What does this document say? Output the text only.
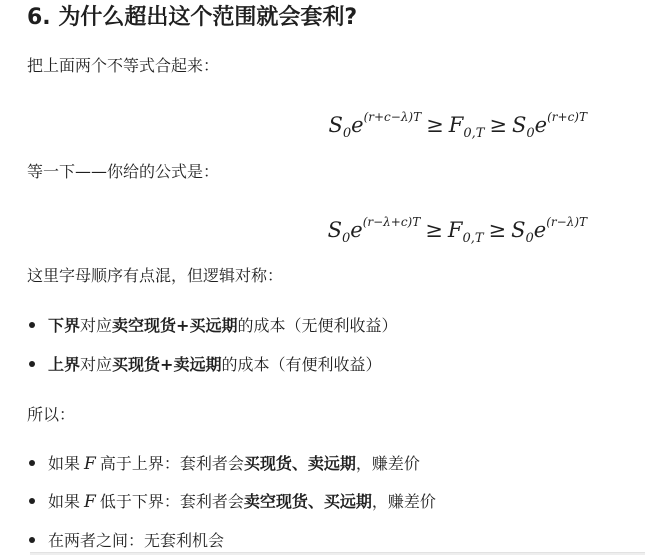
6. 为什么超出这个范围就会套利?
把上面两个不等式合起来：
$S_0e^{(r+c-\lambda)T} \ge F_{0,T} \ge S_0e^{(r+c)T}$
等一下——你给的公式是：
$S_0e^{(r-\lambda+c)T} \ge F_{0,T} \ge S_0e^{(r-\lambda)T}$
这里字母顺序有点混，但逻辑对称：
下界对应卖空现货+买远期的成本（无便利收益）
上界对应买现货+卖远期的成本（有便利收益）
所以：
如果 F 高于上界：套利者会买现货、卖远期，赚差价
如果 F 低于下界：套利者会卖空现货、买远期，赚差价
在两者之间：无套利机会
